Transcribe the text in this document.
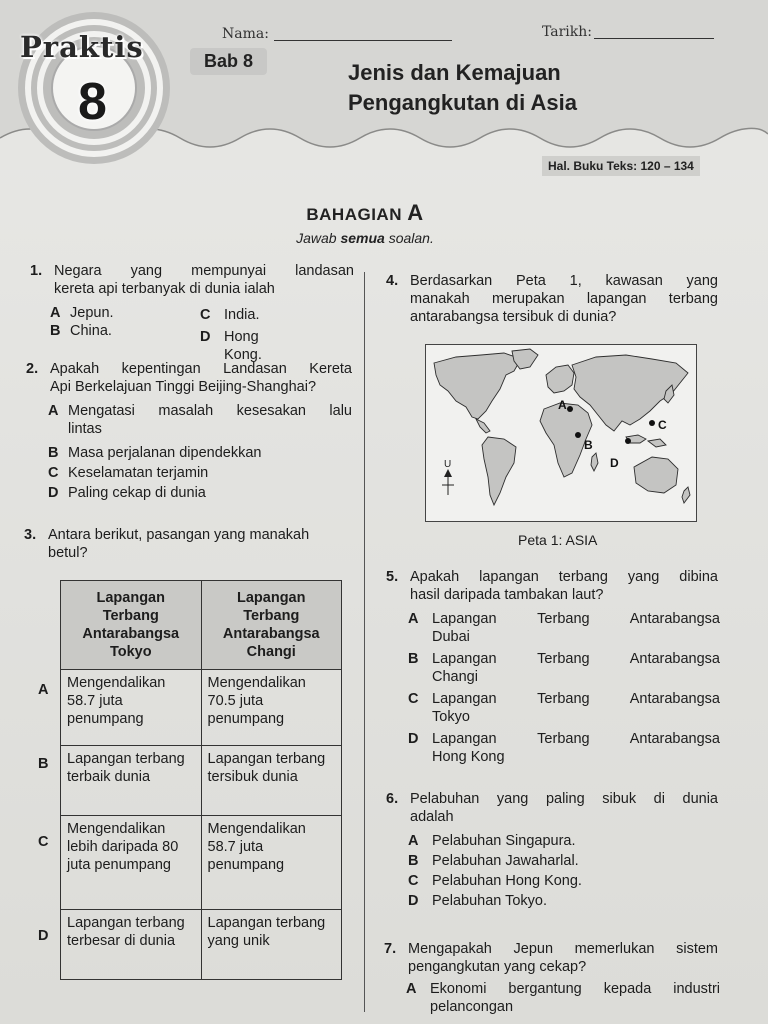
Praktis
8
Bab 8
Nama:	Tarikh:
Jenis dan Kemajuan
Pengangkutan di Asia
Hal. Buku Teks: 120 – 134
BAHAGIAN A
Jawab semua soalan.
1. Negara yang mempunyai landasan
kereta api terbanyak di dunia ialah
A Jepun.
B China.
C India.
D Hong Kong.
2. Apakah kepentingan Landasan Kereta
Api Berkelajuan Tinggi Beijing-Shanghai?
A Mengatasi masalah kesesakan lalu
lintas
B Masa perjalanan dipendekkan
C Keselamatan terjamin
D Paling cekap di dunia
3. Antara berikut, pasangan yang manakah
betul?
Lapangan Terbang Antarabangsa Tokyo	Lapangan Terbang Antarabangsa Changi
Mengendalikan 58.7 juta penumpang	Mengendalikan 70.5 juta penumpang
Lapangan terbang terbaik dunia	Lapangan terbang tersibuk dunia
Mengendalikan lebih daripada 80 juta penumpang	Mengendalikan 58.7 juta penumpang
Lapangan terbang terbesar di dunia	Lapangan terbang yang unik
A
B
C
D
4. Berdasarkan Peta 1, kawasan yang
manakah merupakan lapangan terbang
antarabangsa tersibuk di dunia?
U
A
B
C
D
Peta 1: ASIA
5. Apakah lapangan terbang yang dibina
hasil daripada tambakan laut?
A Lapangan Terbang Antarabangsa
Dubai
B Lapangan Terbang Antarabangsa
Changi
C Lapangan Terbang Antarabangsa
Tokyo
D Lapangan Terbang Antarabangsa
Hong Kong
6. Pelabuhan yang paling sibuk di dunia
adalah
A Pelabuhan Singapura.
B Pelabuhan Jawaharlal.
C Pelabuhan Hong Kong.
D Pelabuhan Tokyo.
7. Mengapakah Jepun memerlukan sistem
pengangkutan yang cekap?
A Ekonomi bergantung kepada industri
pelancongan
